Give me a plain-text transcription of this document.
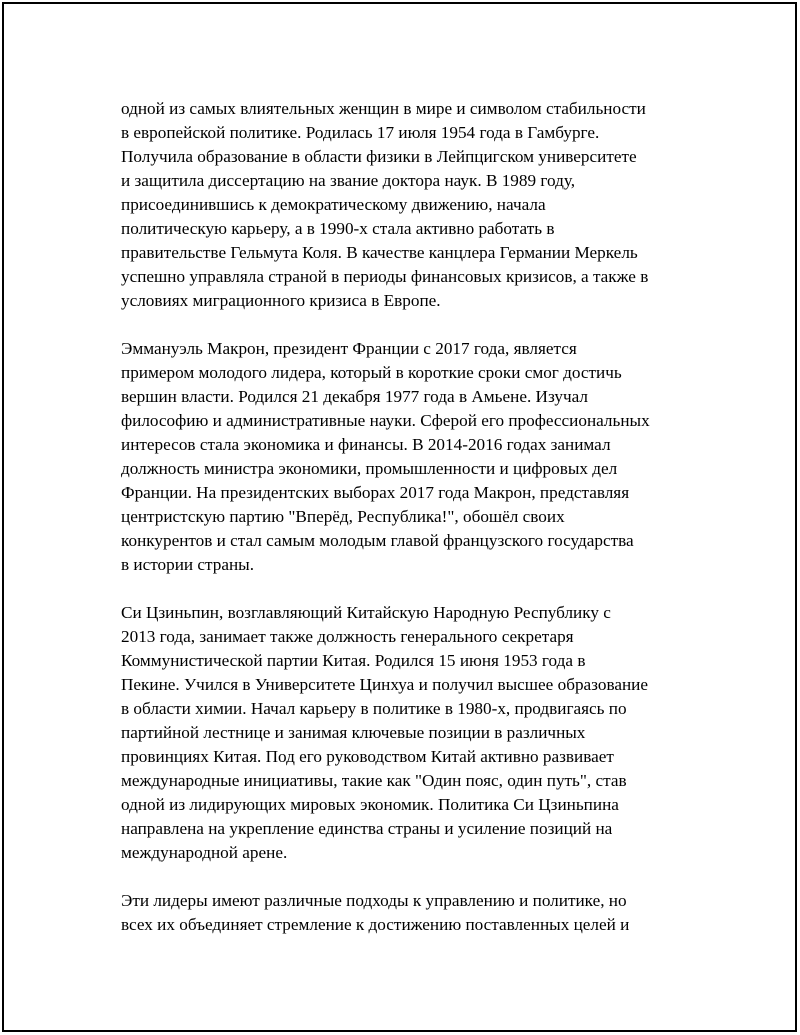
одной из самых влиятельных женщин в мире и символом стабильности
в европейской политике. Родилась 17 июля 1954 года в Гамбурге.
Получила образование в области физики в Лейпцигском университете
и защитила диссертацию на звание доктора наук. В 1989 году,
присоединившись к демократическому движению, начала
политическую карьеру, а в 1990-х стала активно работать в
правительстве Гельмута Коля. В качестве канцлера Германии Меркель
успешно управляла страной в периоды финансовых кризисов, а также в
условиях миграционного кризиса в Европе.

Эммануэль Макрон, президент Франции с 2017 года, является
примером молодого лидера, который в короткие сроки смог достичь
вершин власти. Родился 21 декабря 1977 года в Амьене. Изучал
философию и административные науки. Сферой его профессиональных
интересов стала экономика и финансы. В 2014-2016 годах занимал
должность министра экономики, промышленности и цифровых дел
Франции. На президентских выборах 2017 года Макрон, представляя
центристскую партию "Вперёд, Республика!", обошёл своих
конкурентов и стал самым молодым главой французского государства
в истории страны.

Си Цзиньпин, возглавляющий Китайскую Народную Республику с
2013 года, занимает также должность генерального секретаря
Коммунистической партии Китая. Родился 15 июня 1953 года в
Пекине. Учился в Университете Цинхуа и получил высшее образование
в области химии. Начал карьеру в политике в 1980-х, продвигаясь по
партийной лестнице и занимая ключевые позиции в различных
провинциях Китая. Под его руководством Китай активно развивает
международные инициативы, такие как "Один пояс, один путь", став
одной из лидирующих мировых экономик. Политика Си Цзиньпина
направлена на укрепление единства страны и усиление позиций на
международной арене.

Эти лидеры имеют различные подходы к управлению и политике, но
всех их объединяет стремление к достижению поставленных целей и
